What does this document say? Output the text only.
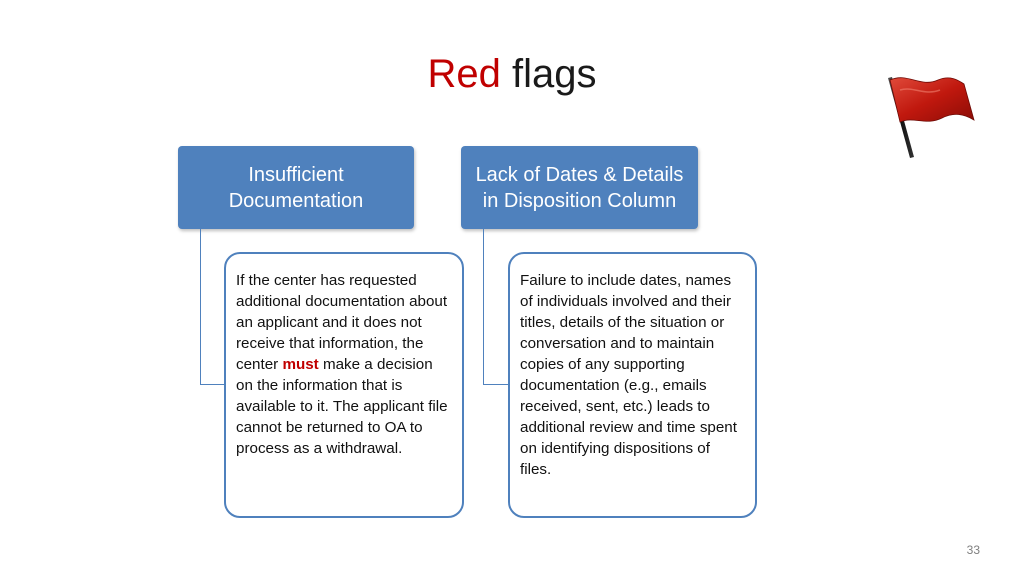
Red flags
Insufficient Documentation
Lack of Dates & Details in Disposition Column
If the center has requested additional documentation about an applicant and it does not receive that information, the center must make a decision on the information that is available to it. The applicant file cannot be returned to OA to process as a withdrawal.
Failure to include dates, names of individuals involved and their titles, details of the situation or conversation and to maintain copies of any supporting documentation (e.g., emails received, sent, etc.) leads to additional review and time spent on identifying dispositions of files.
33
